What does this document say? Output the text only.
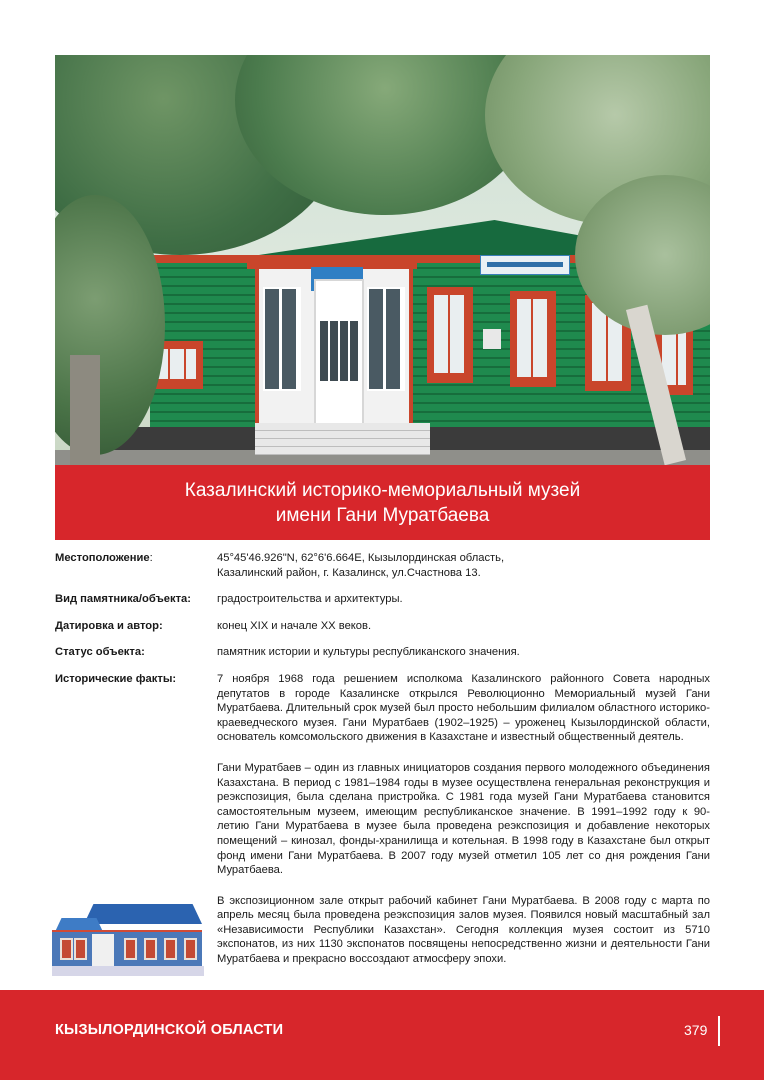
Казалинский историко-мемориальный музей
имени Гани Муратбаева
Местоположение:	45°45'46.926"N, 62°6'6.664E, Кызылординская область,
Казалинский район, г. Казалинск, ул.Счастнова 13.
Вид памятника/объекта:	градостроительства и архитектуры.
Датировка и автор:	конец XIX и начале XX веков.
Статус объекта:	памятник истории и культуры республиканского значения.
Исторические факты:	7 ноября 1968 года решением исполкома Казалинского районного Совета народных депутатов в городе Казалинске открылся Революционно Мемориальный музей Гани Муратбаева. Длительный срок музей был просто небольшим филиалом областного историко-краеведческого музея. Гани Муратбаев (1902–1925) – уроженец Кызылординской области, основатель комсомольского движения в Казахстане и известный общественный деятель.

Гани Муратбаев – один из главных инициаторов создания первого молодежного объединения Казахстана. В период с 1981–1984 годы в музее осуществлена генеральная реконструкция и реэкспозиция, была сделана пристройка. С 1981 года музей Гани Муратбаева становится самостоятельным музеем, имеющим республиканское значение. В 1991–1992 году к 90-летию Гани Муратбаева в музее была проведена реэкспозиция и добавление некоторых помещений – кинозал, фонды-хранилища и котельная. В 1998 году в Казахстане был открыт фонд имени Гани Муратбаева. В 2007 году музей отметил 105 лет со дня рождения Гани Муратбаева.

В экспозиционном зале открыт рабочий кабинет Гани Муратбаева. В 2008 году с марта по апрель месяц была проведена реэкспозиция залов музея. Появился новый масштабный зал «Независимости Республики Казахстан». Сегодня коллекция музея состоит из 5710 экспонатов, из них 1130 экспонатов посвящены непосредственно жизни и деятельности Гани Муратбаева и прекрасно воссоздают атмосферу эпохи.

КЫЗЫЛОРДИНСКОЙ ОБЛАСТИ	379
